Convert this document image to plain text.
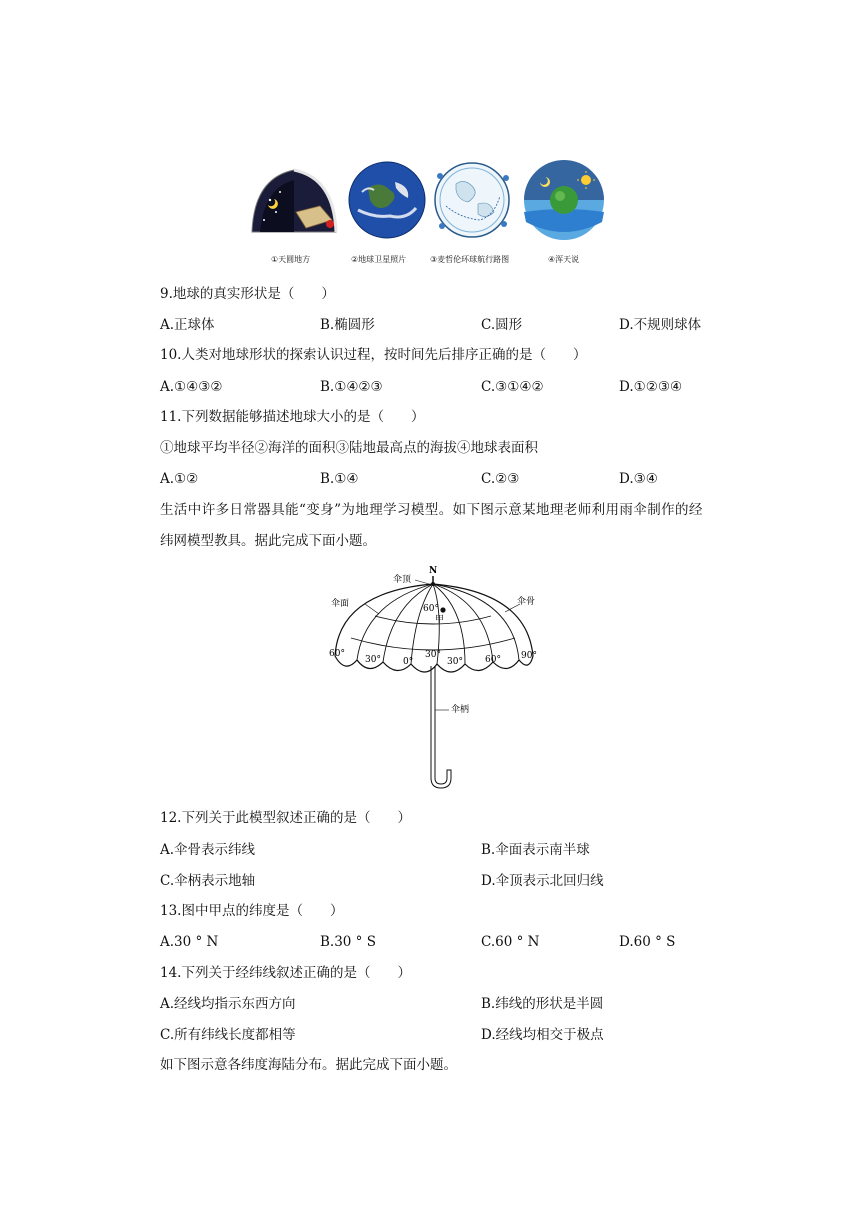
①天圆地方	②地球卫星照片	③麦哲伦环球航行路图	④浑天说
9.地球的真实形状是（　　）
A.正球体	B.椭圆形	C.圆形	D.不规则球体
10.人类对地球形状的探索认识过程，按时间先后排序正确的是（　　）
A.①④③②	B.①④②③	C.③①④②	D.①②③④
11.下列数据能够描述地球大小的是（　　）
①地球平均半径②海洋的面积③陆地最高点的海拔④地球表面积
A.①②	B.①④	C.②③	D.③④
生活中许多日常器具能“变身”为地理学习模型。如下图示意某地理老师利用雨伞制作的经
纬网模型教具。据此完成下面小题。
N
伞顶
伞面	伞骨
60°
甲
30°
伞柄
60°
30° 0°	30° 60° 90°
12.下列关于此模型叙述正确的是（　　）
A.伞骨表示纬线	B.伞面表示南半球
C.伞柄表示地轴	D.伞顶表示北回归线
13.图中甲点的纬度是（　　）
A.30 ° N	B.30 ° S	C.60 ° N	D.60 ° S
14.下列关于经纬线叙述正确的是（　　）
A.经线均指示东西方向	B.纬线的形状是半圆
C.所有纬线长度都相等	D.经线均相交于极点
如下图示意各纬度海陆分布。据此完成下面小题。
